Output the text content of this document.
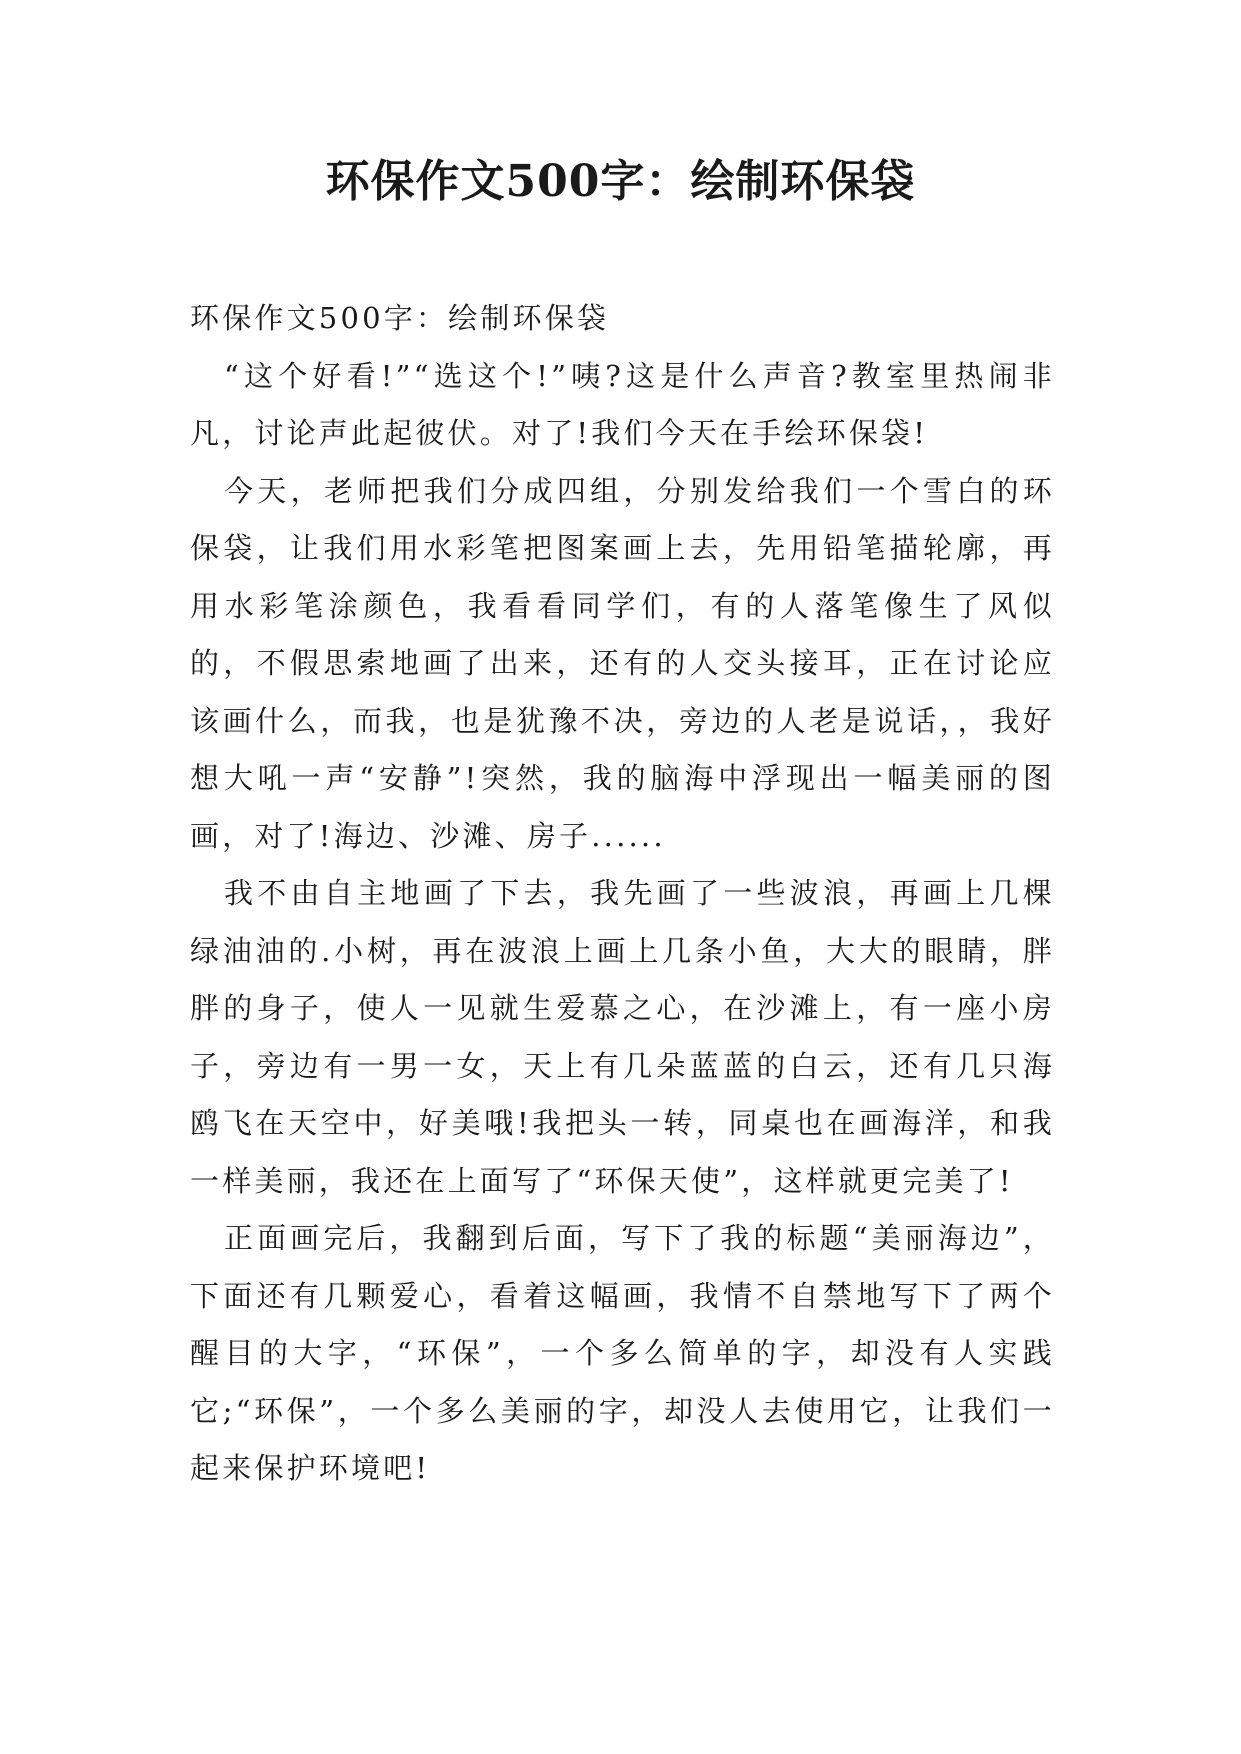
环保作文500字：绘制环保袋

环保作文500字：绘制环保袋

“这个好看!”“选这个!”咦?这是什么声音?教室里热闹非凡，讨论声此起彼伏。对了!我们今天在手绘环保袋!

今天，老师把我们分成四组，分别发给我们一个雪白的环保袋，让我们用水彩笔把图案画上去，先用铅笔描轮廓，再用水彩笔涂颜色，我看看同学们，有的人落笔像生了风似的，不假思索地画了出来，还有的人交头接耳，正在讨论应该画什么，而我，也是犹豫不决，旁边的人老是说话，，我好想大吼一声“安静”!突然，我的脑海中浮现出一幅美丽的图画，对了!海边、沙滩、房子......

我不由自主地画了下去，我先画了一些波浪，再画上几棵绿油油的.小树，再在波浪上画上几条小鱼，大大的眼睛，胖胖的身子，使人一见就生爱慕之心，在沙滩上，有一座小房子，旁边有一男一女，天上有几朵蓝蓝的白云，还有几只海鸥飞在天空中，好美哦!我把头一转，同桌也在画海洋，和我一样美丽，我还在上面写了“环保天使”，这样就更完美了!

正面画完后，我翻到后面，写下了我的标题“美丽海边”，下面还有几颗爱心，看着这幅画，我情不自禁地写下了两个醒目的大字，“环保”，一个多么简单的字，却没有人实践它;“环保”，一个多么美丽的字，却没人去使用它，让我们一起来保护环境吧!
